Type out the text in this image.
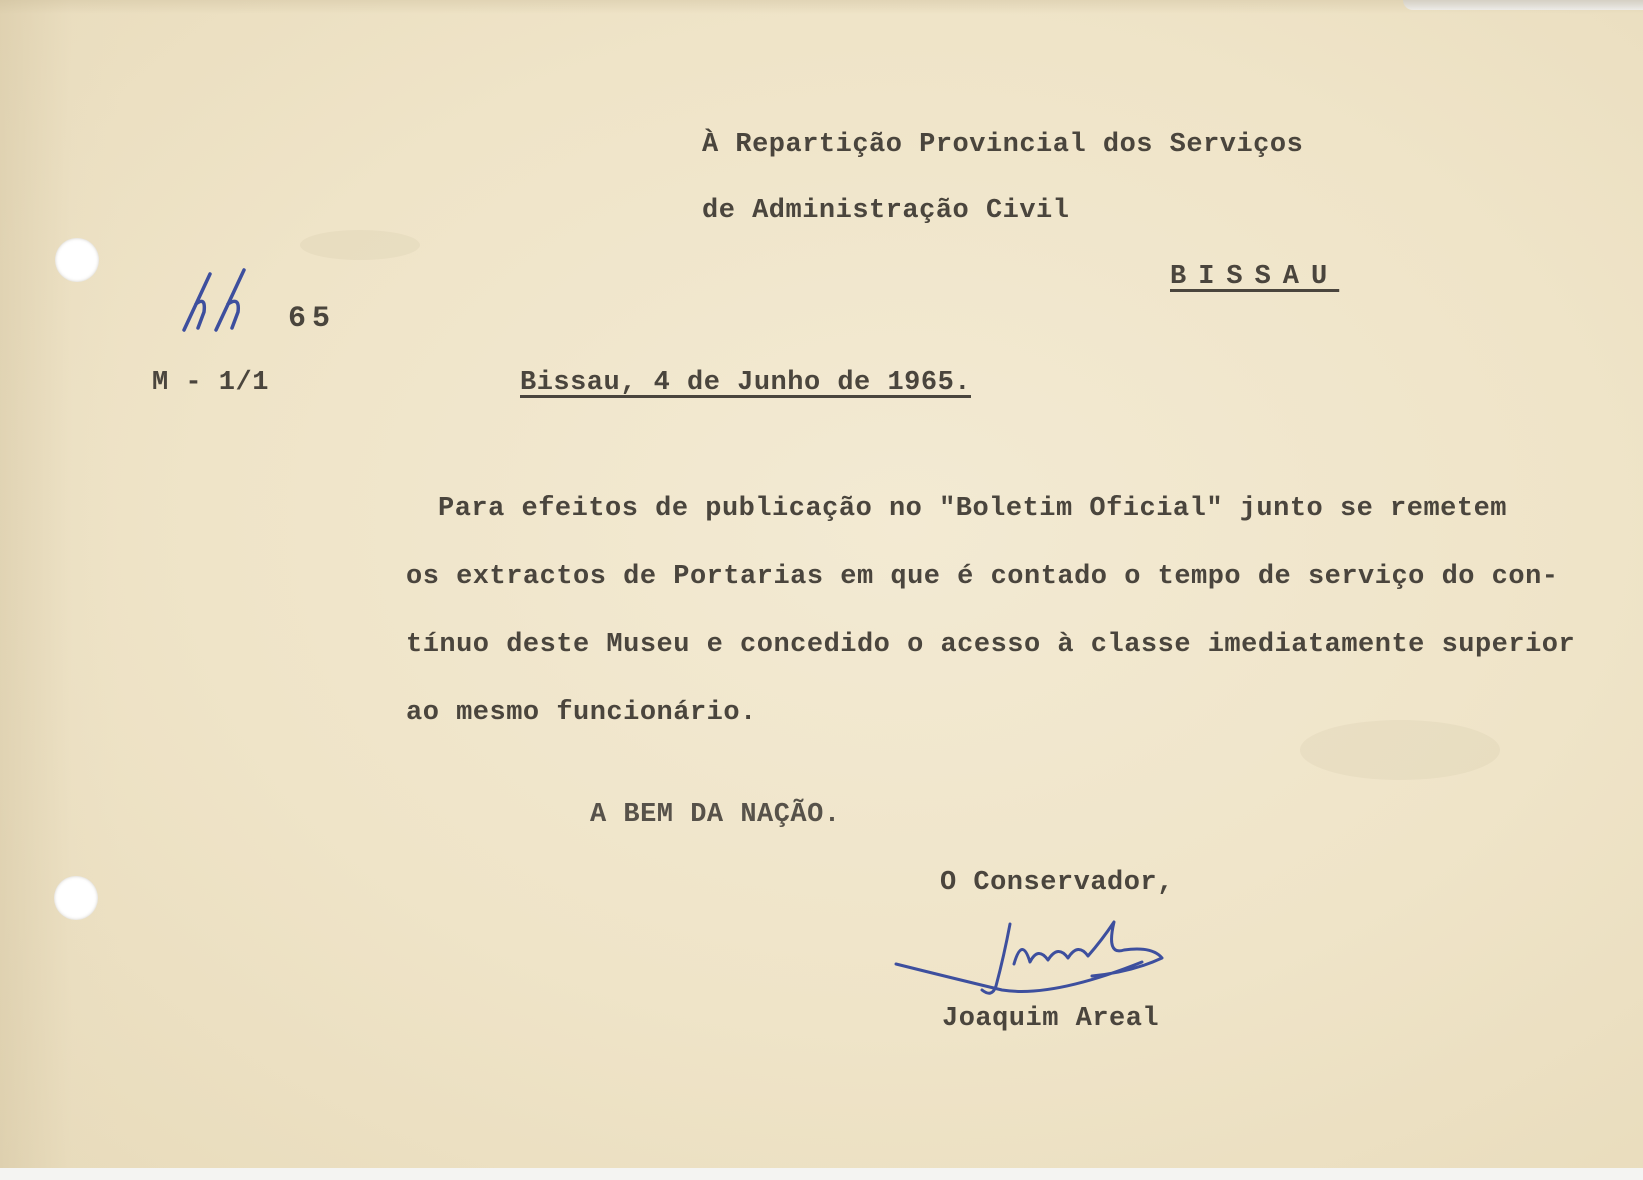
À Repartição Provincial dos Serviços
de Administração Civil
BISSAU
65
M - 1/1	Bissau, 4 de Junho de 1965.
Para efeitos de publicação no "Boletim Oficial" junto se remetem
os extractos de Portarias em que é contado o tempo de serviço do con-
tínuo deste Museu e concedido o acesso à classe imediatamente superior
ao mesmo funcionário.
A BEM DA NAÇÃO.
O Conservador,
Joaquim Areal
